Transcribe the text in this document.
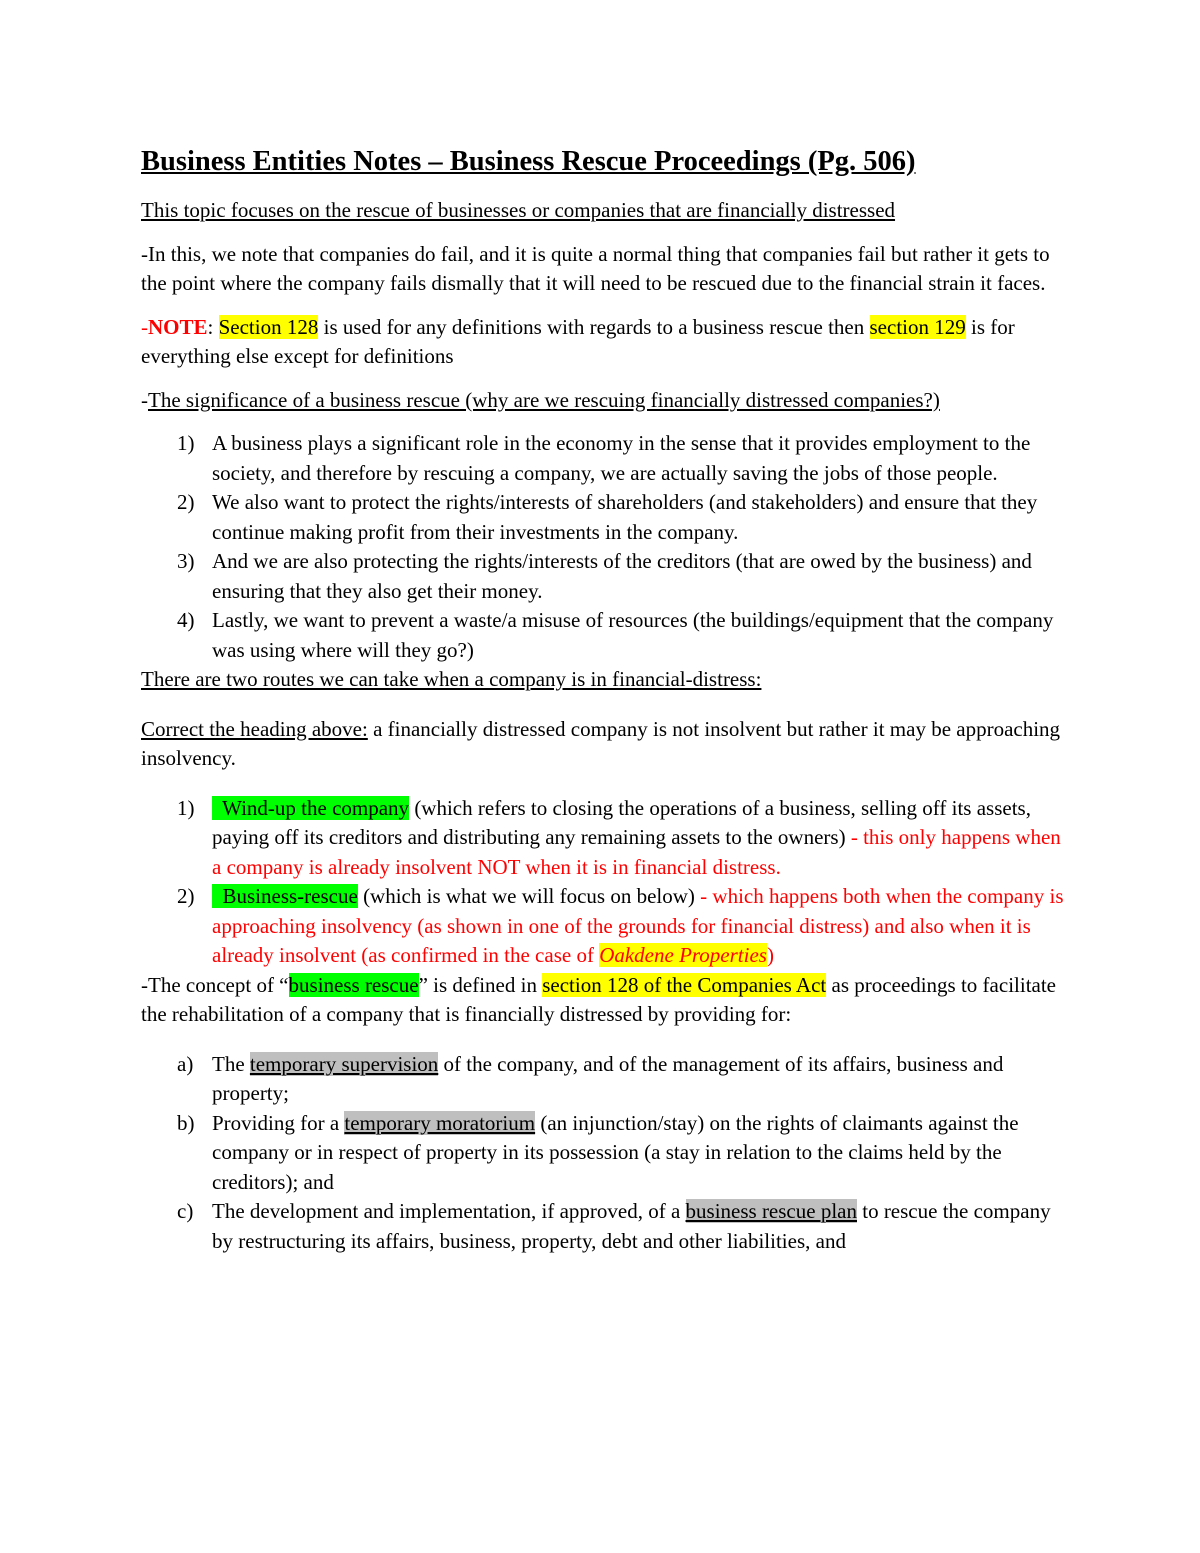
Business Entities Notes – Business Rescue Proceedings (Pg. 506)

This topic focuses on the rescue of businesses or companies that are financially distressed

-In this, we note that companies do fail, and it is quite a normal thing that companies fail but rather it gets to the point where the company fails dismally that it will need to be rescued due to the financial strain it faces.

-NOTE: Section 128 is used for any definitions with regards to a business rescue then section 129 is for everything else except for definitions

-The significance of a business rescue (why are we rescuing financially distressed companies?)

1) A business plays a significant role in the economy in the sense that it provides employment to the society, and therefore by rescuing a company, we are actually saving the jobs of those people.
2) We also want to protect the rights/interests of shareholders (and stakeholders) and ensure that they continue making profit from their investments in the company.
3) And we are also protecting the rights/interests of the creditors (that are owed by the business) and ensuring that they also get their money.
4) Lastly, we want to prevent a waste/a misuse of resources (the buildings/equipment that the company was using where will they go?)

There are two routes we can take when a company is in financial-distress:

Correct the heading above: a financially distressed company is not insolvent but rather it may be approaching insolvency.

1) Wind-up the company (which refers to closing the operations of a business, selling off its assets, paying off its creditors and distributing any remaining assets to the owners) - this only happens when a company is already insolvent NOT when it is in financial distress.
2) Business-rescue (which is what we will focus on below) - which happens both when the company is approaching insolvency (as shown in one of the grounds for financial distress) and also when it is already insolvent (as confirmed in the case of Oakdene Properties)

-The concept of “business rescue” is defined in section 128 of the Companies Act as proceedings to facilitate the rehabilitation of a company that is financially distressed by providing for:

a) The temporary supervision of the company, and of the management of its affairs, business and property;
b) Providing for a temporary moratorium (an injunction/stay) on the rights of claimants against the company or in respect of property in its possession (a stay in relation to the claims held by the creditors); and
c) The development and implementation, if approved, of a business rescue plan to rescue the company by restructuring its affairs, business, property, debt and other liabilities, and
